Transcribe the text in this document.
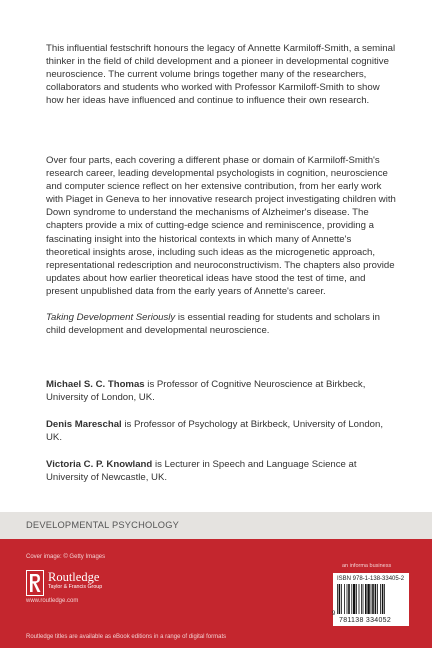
This influential festschrift honours the legacy of Annette Karmiloff-Smith, a seminal thinker in the field of child development and a pioneer in developmental cognitive neuroscience. The current volume brings together many of the researchers, collaborators and students who worked with Professor Karmiloff-Smith to show how her ideas have influenced and continue to influence their own research.

Over four parts, each covering a different phase or domain of Karmiloff-Smith's research career, leading developmental psychologists in cognition, neuroscience and computer science reflect on her extensive contribution, from her early work with Piaget in Geneva to her innovative research project investigating children with Down syndrome to understand the mechanisms of Alzheimer's disease. The chapters provide a mix of cutting-edge science and reminiscence, providing a fascinating insight into the historical contexts in which many of Annette's theoretical insights arose, including such ideas as the microgenetic approach, representational redescription and neuroconstructivism. The chapters also provide updates about how earlier theoretical ideas have stood the test of time, and present unpublished data from the early years of Annette's career.

Taking Development Seriously is essential reading for students and scholars in child development and developmental neuroscience.

Michael S. C. Thomas is Professor of Cognitive Neuroscience at Birkbeck, University of London, UK.

Denis Mareschal is Professor of Psychology at Birkbeck, University of London, UK.

Victoria C. P. Knowland is Lecturer in Speech and Language Science at University of Newcastle, UK.

DEVELOPMENTAL PSYCHOLOGY
Cover image: © Getty Images
Routledge
Taylor & Francis Group
www.routledge.com
Routledge titles are available as eBook editions in a range of digital formats
an informa business
ISBN 978-1-138-33405-2
9
781138 334052
